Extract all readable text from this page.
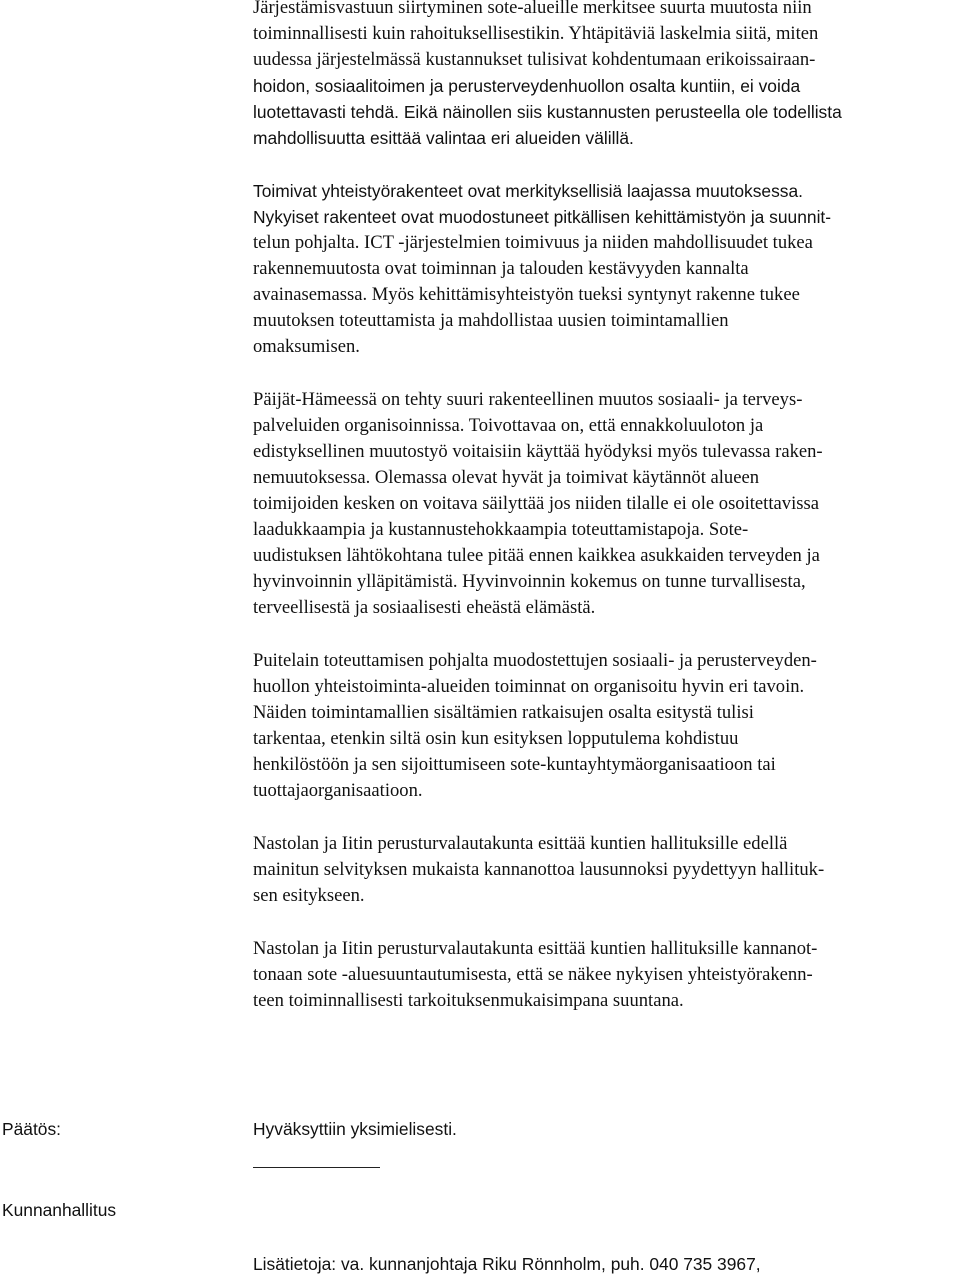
Järjestämisvastuun siirtyminen sote-alueille merkitsee suurta muutosta niin
toiminnallisesti kuin rahoituksellisestikin. Yhtäpitäviä laskelmia siitä, miten
uudessa järjestelmässä kustannukset tulisivat kohdentumaan erikoissairaan-
hoidon, sosiaalitoimen ja perusterveydenhuollon osalta kuntiin, ei voida
luotettavasti tehdä. Eikä näinollen siis kustannusten perusteella ole todellista
mahdollisuutta esittää valintaa eri alueiden välillä.

Toimivat yhteistyörakenteet ovat merkityksellisiä laajassa muutoksessa.
Nykyiset rakenteet ovat muodostuneet pitkällisen kehittämistyön ja suunnit-
telun pohjalta. ICT -järjestelmien toimivuus ja niiden mahdollisuudet tukea
rakennemuutosta ovat toiminnan ja talouden kestävyyden kannalta
avainasemassa. Myös kehittämisyhteistyön tueksi syntynyt rakenne tukee
muutoksen toteuttamista ja mahdollistaa uusien toimintamallien
omaksumisen.

Päijät-Hämeessä on tehty suuri rakenteellinen muutos sosiaali- ja terveys-
palveluiden organisoinnissa. Toivottavaa on, että ennakkoluuloton ja
edistyksellinen muutostyö voitaisiin käyttää hyödyksi myös tulevassa raken-
nemuutoksessa. Olemassa olevat hyvät ja toimivat käytännöt alueen
toimijoiden kesken on voitava säilyttää jos niiden tilalle ei ole osoitettavissa
laadukkaampia ja kustannustehokkaampia toteuttamistapoja. Sote-
uudistuksen lähtökohtana tulee pitää ennen kaikkea asukkaiden terveyden ja
hyvinvoinnin ylläpitämistä. Hyvinvoinnin kokemus on tunne turvallisesta,
terveellisestä ja sosiaalisesti eheästä elämästä.

Puitelain toteuttamisen pohjalta muodostettujen sosiaali- ja perusterveyden-
huollon yhteistoiminta-alueiden toiminnat on organisoitu hyvin eri tavoin.
Näiden toimintamallien sisältämien ratkaisujen osalta esitystä tulisi
tarkentaa, etenkin siltä osin kun esityksen lopputulema kohdistuu
henkilöstöön ja sen sijoittumiseen sote-kuntayhtymäorganisaatioon tai
tuottajaorganisaatioon.

Nastolan ja Iitin perusturvalautakunta esittää kuntien hallituksille edellä
mainitun selvityksen mukaista kannanottoa lausunnoksi pyydettyyn hallituk-
sen esitykseen.

Nastolan ja Iitin perusturvalautakunta esittää kuntien hallituksille kannanot-
tonaan sote -aluesuuntautumisesta, että se näkee nykyisen yhteistyörakenn-
teen toiminnallisesti tarkoituksenmukaisimpana suuntana.

Päätös:	Hyväksyttiin yksimielisesti.
Kunnanhallitus
Lisätietoja: va. kunnanjohtaja Riku Rönnholm, puh. 040 735 3967,
